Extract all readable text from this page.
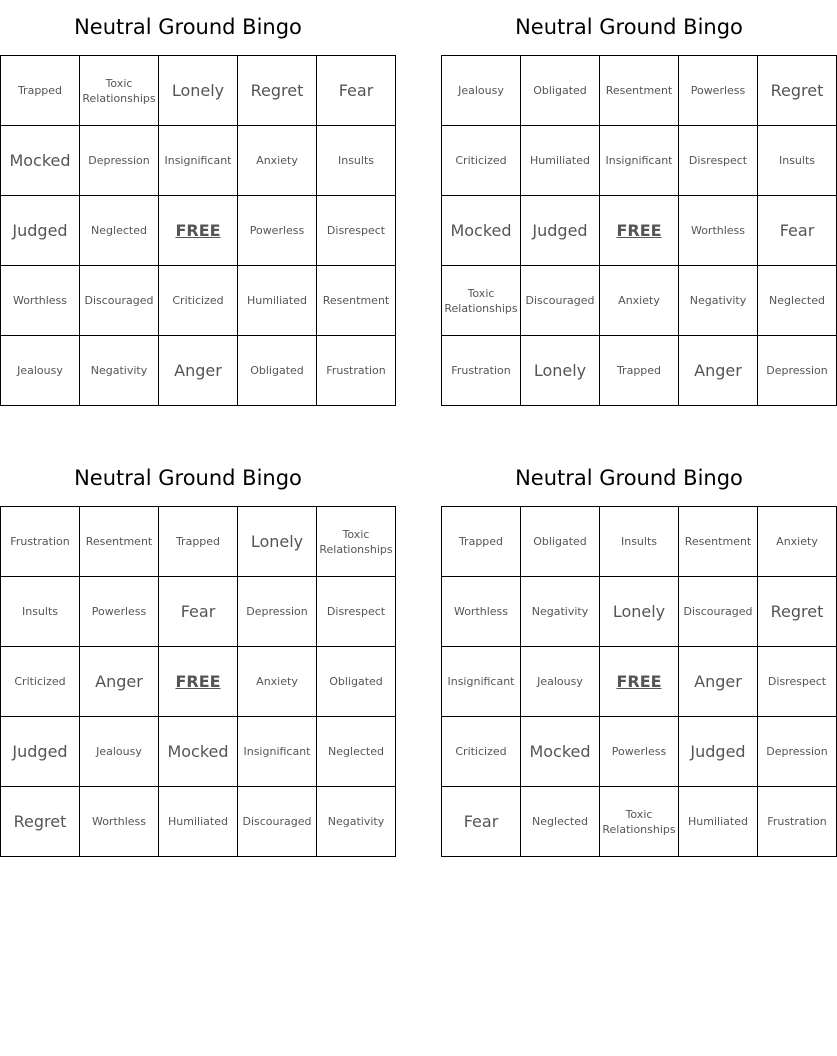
Neutral Ground Bingo
Trapped	Toxic Relationships	Lonely	Regret	Fear
Mocked	Depression	Insignificant	Anxiety	Insults
Judged	Neglected	FREE	Powerless	Disrespect
Worthless	Discouraged	Criticized	Humiliated	Resentment
Jealousy	Negativity	Anger	Obligated	Frustration
Neutral Ground Bingo
Jealousy	Obligated	Resentment	Powerless	Regret
Criticized	Humiliated	Insignificant	Disrespect	Insults
Mocked	Judged	FREE	Worthless	Fear
Toxic Relationships	Discouraged	Anxiety	Negativity	Neglected
Frustration	Lonely	Trapped	Anger	Depression
Neutral Ground Bingo
Frustration	Resentment	Trapped	Lonely	Toxic Relationships
Insults	Powerless	Fear	Depression	Disrespect
Criticized	Anger	FREE	Anxiety	Obligated
Judged	Jealousy	Mocked	Insignificant	Neglected
Regret	Worthless	Humiliated	Discouraged	Negativity
Neutral Ground Bingo
Trapped	Obligated	Insults	Resentment	Anxiety
Worthless	Negativity	Lonely	Discouraged	Regret
Insignificant	Jealousy	FREE	Anger	Disrespect
Criticized	Mocked	Powerless	Judged	Depression
Fear	Neglected	Toxic Relationships	Humiliated	Frustration
